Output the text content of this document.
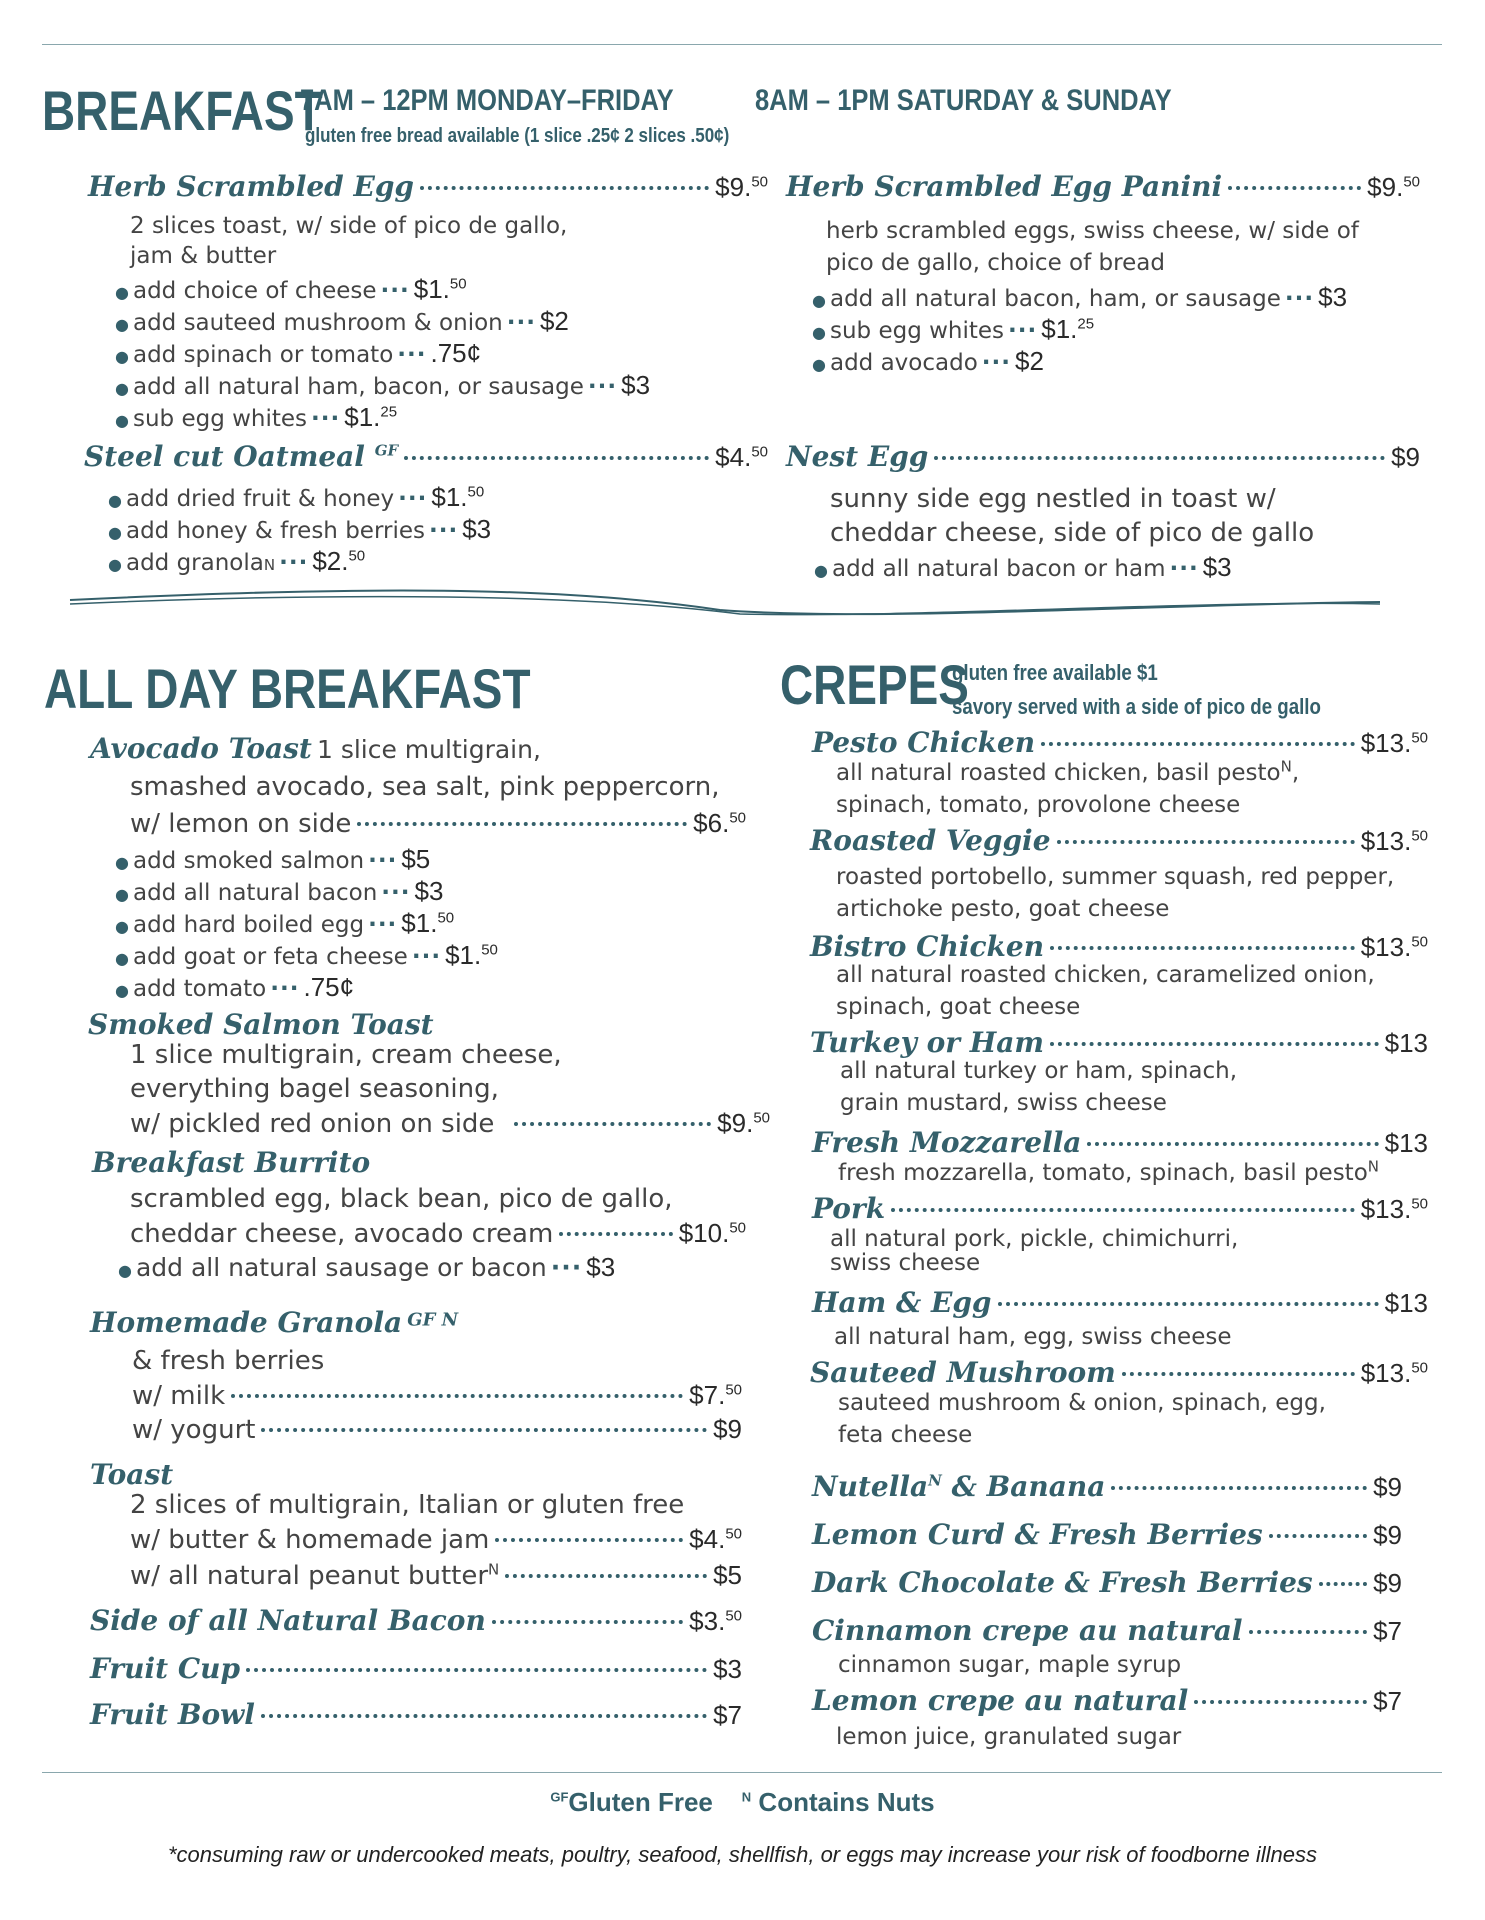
BREAKFAST
7AM – 12PM MONDAY–FRIDAY	8AM – 1PM SATURDAY & SUNDAY
gluten free bread available (1 slice .25¢ 2 slices .50¢)
Herb Scrambled Egg	$9.50
2 slices toast, w/ side of pico de gallo,
jam & butter
● add choice of cheese ··· $1.50
● add sauteed mushroom & onion ··· $2
● add spinach or tomato ··· .75¢
● add all natural ham, bacon, or sausage ··· $3
● sub egg whites ··· $1.25
Steel cut Oatmeal $^{GF}$	$4.50
● add dried fruit & honey ··· $1.50
● add honey & fresh berries ··· $3
● add granola N ··· $2.50
Herb Scrambled Egg Panini	$9.50
herb scrambled eggs, swiss cheese, w/ side of
pico de gallo, choice of bread
● add all natural bacon, ham, or sausage ··· $3
● sub egg whites ··· $1.25
● add avocado ··· $2
Nest Egg	$9
sunny side egg nestled in toast w/
cheddar cheese, side of pico de gallo
● add all natural bacon or ham ··· $3
ALL DAY BREAKFAST
Avocado Toast 1 slice multigrain,
smashed avocado, sea salt, pink peppercorn,
w/ lemon on side	$6.50
● add smoked salmon ··· $5
● add all natural bacon ··· $3
● add hard boiled egg ··· $1.50
● add goat or feta cheese ··· $1.50
● add tomato ··· .75¢
Smoked Salmon Toast
1 slice multigrain, cream cheese,
everything bagel seasoning,
w/ pickled red onion on side	$9.50
Breakfast Burrito
scrambled egg, black bean, pico de gallo,
cheddar cheese, avocado cream	$10.50
● add all natural sausage or bacon ··· $3
Homemade Granola GF N
& fresh berries
w/ milk	$7.50
w/ yogurt	$9
Toast
2 slices of multigrain, Italian or gluten free
w/ butter & homemade jam	$4.50
w/ all natural peanut butter$^N$	$5
Side of all Natural Bacon	$3.50
Fruit Cup	$3
Fruit Bowl	$7
CREPES
gluten free available $1
savory served with a side of pico de gallo
Pesto Chicken	$13.50
all natural roasted chicken, basil pesto$^N$,
spinach, tomato, provolone cheese
Roasted Veggie	$13.50
roasted portobello, summer squash, red pepper,
artichoke pesto, goat cheese
Bistro Chicken	$13.50
all natural roasted chicken, caramelized onion,
spinach, goat cheese
Turkey or Ham	$13
all natural turkey or ham, spinach,
grain mustard, swiss cheese
Fresh Mozzarella	$13
fresh mozzarella, tomato, spinach, basil pesto$^N$
Pork	$13.50
all natural pork, pickle, chimichurri,
swiss cheese
Ham & Egg	$13
all natural ham, egg, swiss cheese
Sauteed Mushroom	$13.50
sauteed mushroom & onion, spinach, egg,
feta cheese
Nutella$^N$ & Banana	$9
Lemon Curd & Fresh Berries	$9
Dark Chocolate & Fresh Berries $9
Cinnamon crepe au natural	$7
cinnamon sugar, maple syrup
Lemon crepe au natural	$7
lemon juice, granulated sugar
$^{GF}$Gluten Free $^N$ Contains Nuts
*consuming raw or undercooked meats, poultry, seafood, shellfish, or eggs may increase your risk of foodborne illness
